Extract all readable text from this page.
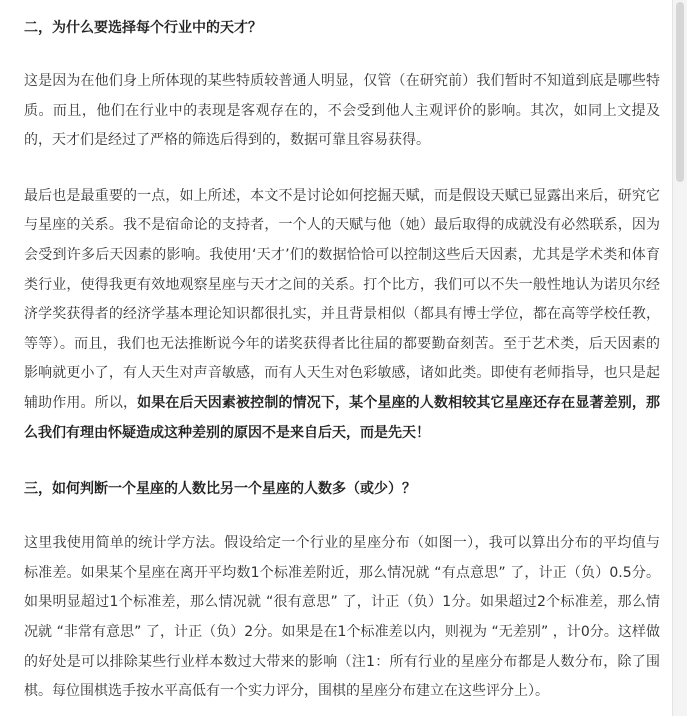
二，为什么要选择每个行业中的天才？

这是因为在他们身上所体现的某些特质较普通人明显，仅管（在研究前）我们暂时不知道到底是哪些特质。而且，他们在行业中的表现是客观存在的，不会受到他人主观评价的影响。其次，如同上文提及的，天才们是经过了严格的筛选后得到的，数据可靠且容易获得。

最后也是最重要的一点，如上所述，本文不是讨论如何挖掘天赋，而是假设天赋已显露出来后，研究它与星座的关系。我不是宿命论的支持者，一个人的天赋与他（她）最后取得的成就没有必然联系，因为会受到许多后天因素的影响。我使用‘天才’们的数据恰恰可以控制这些后天因素，尤其是学术类和体育类行业，使得我更有效地观察星座与天才之间的关系。打个比方，我们可以不失一般性地认为诺贝尔经济学奖获得者的经济学基本理论知识都很扎实，并且背景相似（都具有博士学位，都在高等学校任教，等等）。而且，我们也无法推断说今年的诺奖获得者比往届的都要勤奋刻苦。至于艺术类，后天因素的影响就更小了，有人天生对声音敏感，而有人天生对色彩敏感，诸如此类。即使有老师指导，也只是起辅助作用。所以，如果在后天因素被控制的情况下，某个星座的人数相较其它星座还存在显著差别，那么我们有理由怀疑造成这种差别的原因不是来自后天，而是先天！

三，如何判断一个星座的人数比另一个星座的人数多（或少）？

这里我使用简单的统计学方法。假设给定一个行业的星座分布（如图一），我可以算出分布的平均值与标准差。如果某个星座在离开平均数1个标准差附近，那么情况就 “有点意思” 了，计正（负）0.5分。如果明显超过1个标准差，那么情况就 “很有意思” 了，计正（负）1分。如果超过2个标准差，那么情况就 “非常有意思” 了，计正（负）2分。如果是在1个标准差以内，则视为 “无差别” ，计0分。这样做的好处是可以排除某些行业样本数过大带来的影响（注1：所有行业的星座分布都是人数分布，除了围棋。每位围棋选手按水平高低有一个实力评分，围棋的星座分布建立在这些评分上）。
